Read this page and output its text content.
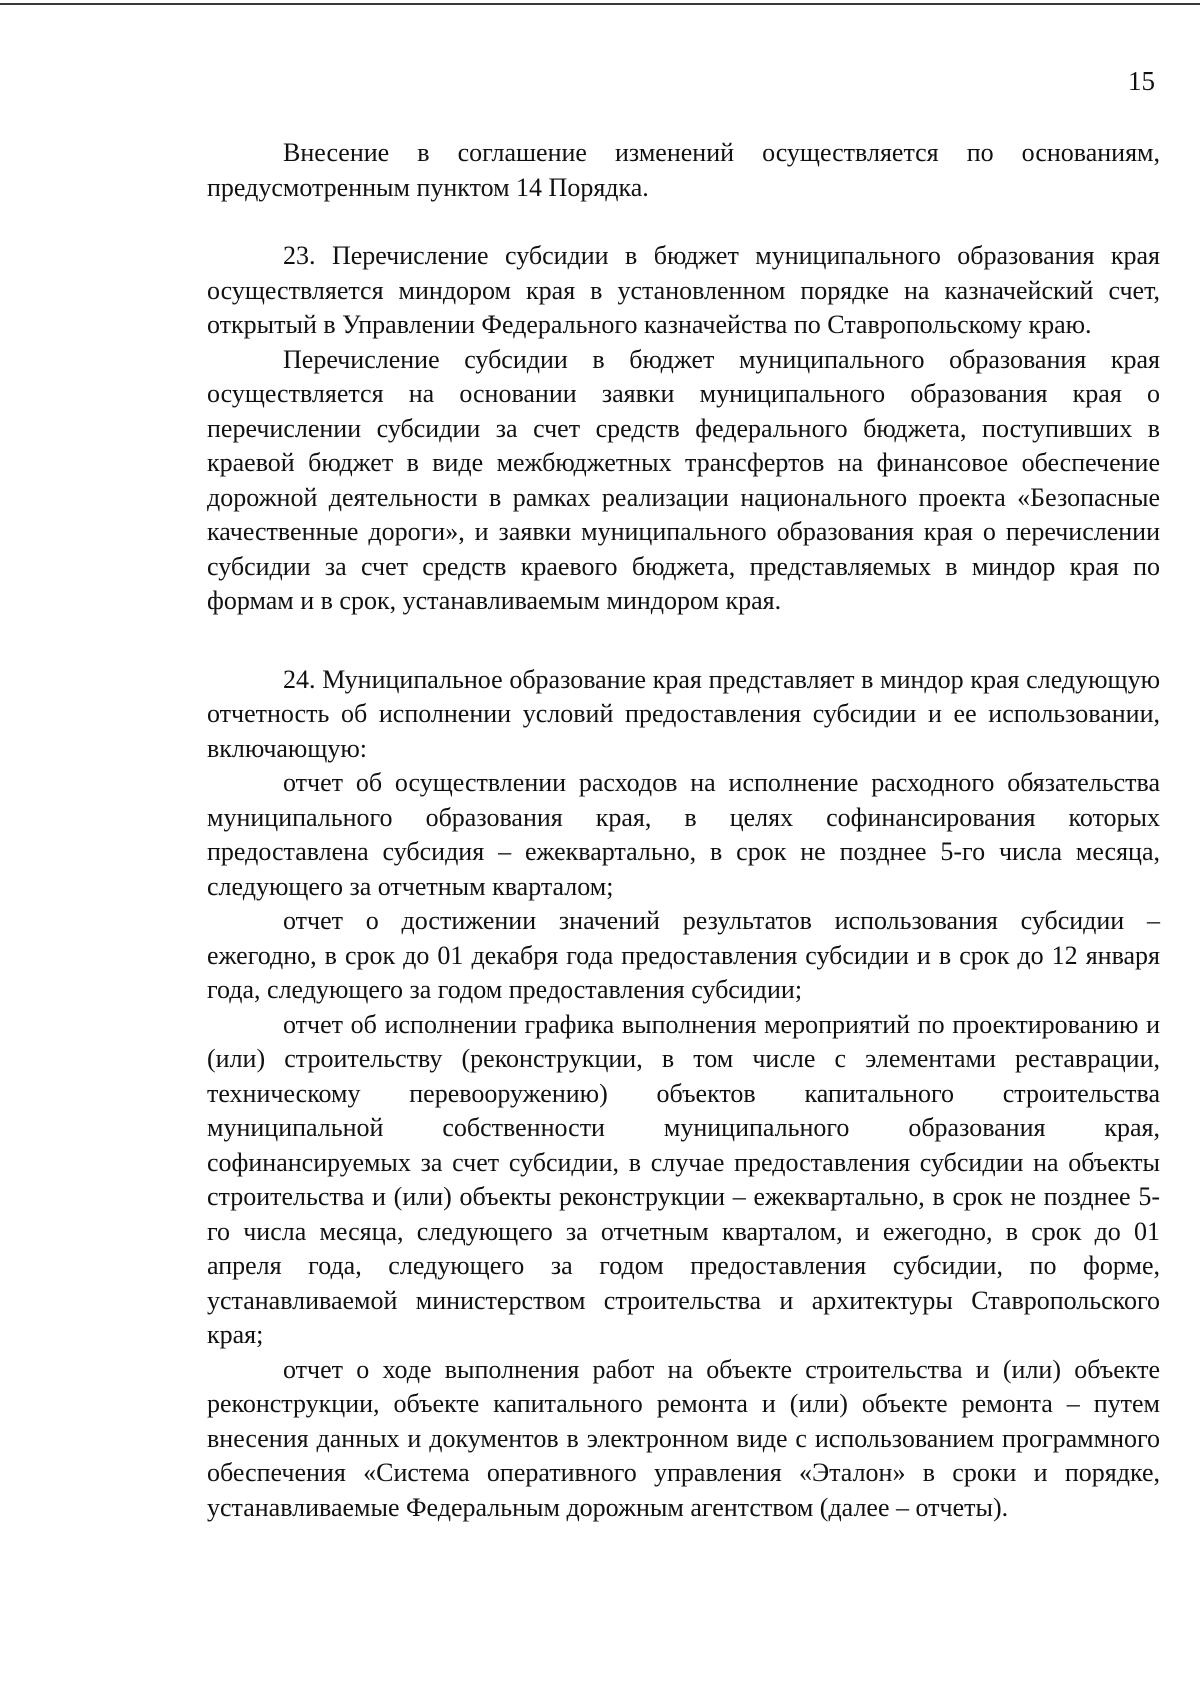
15

Внесение в соглашение изменений осуществляется по основаниям, предусмотренным пунктом 14 Порядка.

23. Перечисление субсидии в бюджет муниципального образования края осуществляется миндором края в установленном порядке на казначейский счет, открытый в Управлении Федерального казначейства по Ставропольскому краю.

Перечисление субсидии в бюджет муниципального образования края осуществляется на основании заявки муниципального образования края о перечислении субсидии за счет средств федерального бюджета, поступивших в краевой бюджет в виде межбюджетных трансфертов на финансовое обеспечение дорожной деятельности в рамках реализации национального проекта «Безопасные качественные дороги», и заявки муниципального образования края о перечислении субсидии за счет средств краевого бюджета, представляемых в миндор края по формам и в срок, устанавливаемым миндором края.

24. Муниципальное образование края представляет в миндор края следующую отчетность об исполнении условий предоставления субсидии и ее использовании, включающую:

отчет об осуществлении расходов на исполнение расходного обязательства муниципального образования края, в целях софинансирования которых предоставлена субсидия – ежеквартально, в срок не позднее 5-го числа месяца, следующего за отчетным кварталом;

отчет о достижении значений результатов использования субсидии – ежегодно, в срок до 01 декабря года предоставления субсидии и в срок до 12 января года, следующего за годом предоставления субсидии;

отчет об исполнении графика выполнения мероприятий по проектированию и (или) строительству (реконструкции, в том числе с элементами реставрации, техническому перевооружению) объектов капитального строительства муниципальной собственности муниципального образования края, софинансируемых за счет субсидии, в случае предоставления субсидии на объекты строительства и (или) объекты реконструкции – ежеквартально, в срок не позднее 5-го числа месяца, следующего за отчетным кварталом, и ежегодно, в срок до 01 апреля года, следующего за годом предоставления субсидии, по форме, устанавливаемой министерством строительства и архитектуры Ставропольского края;

отчет о ходе выполнения работ на объекте строительства и (или) объекте реконструкции, объекте капитального ремонта и (или) объекте ремонта – путем внесения данных и документов в электронном виде с использованием программного обеспечения «Система оперативного управления «Эталон» в сроки и порядке, устанавливаемые Федеральным дорожным агентством (далее – отчеты).
